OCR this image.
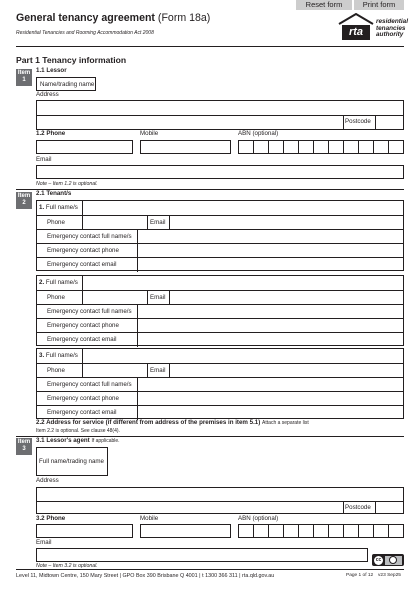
Reset form	Print form
General tenancy agreement (Form 18a)
Residential Tenancies and Rooming Accommodation Act 2008	rta
residential
tenancies
authority
Part 1 Tenancy information
Item
1
1.1 Lessor
Name/trading name
Address
Postcode
1.2 Phone	Mobile	ABN (optional)
Email
Note – Item 1.2 is optional.
Item
2
2.1 Tenant/s
1. Full name/s
Phone	Email
Emergency contact full name/s
Emergency contact phone
Emergency contact email
2. Full name/s
Phone	Email
Emergency contact full name/s
Emergency contact phone
Emergency contact email
3. Full name/s
Phone	Email
Emergency contact full name/s
Emergency contact phone
Emergency contact email
2.2 Address for service (if different from address of the premises in item 5.1) Attach a separate list
Item 2.2 is optional. See clause 48(4).
Item
3
3.1 Lessor's agent If applicable.
Full name/trading name
Address
Postcode
3.2 Phone	Mobile	ABN (optional)
Email
Note – Item 3.2 is optional.
cc
Level 11, Midtown Centre, 150 Mary Street | GPO Box 390 Brisbane Q 4001 | t 1300 366 311 | rta.qld.gov.au	Page 1 of 12 v23 Sep25
